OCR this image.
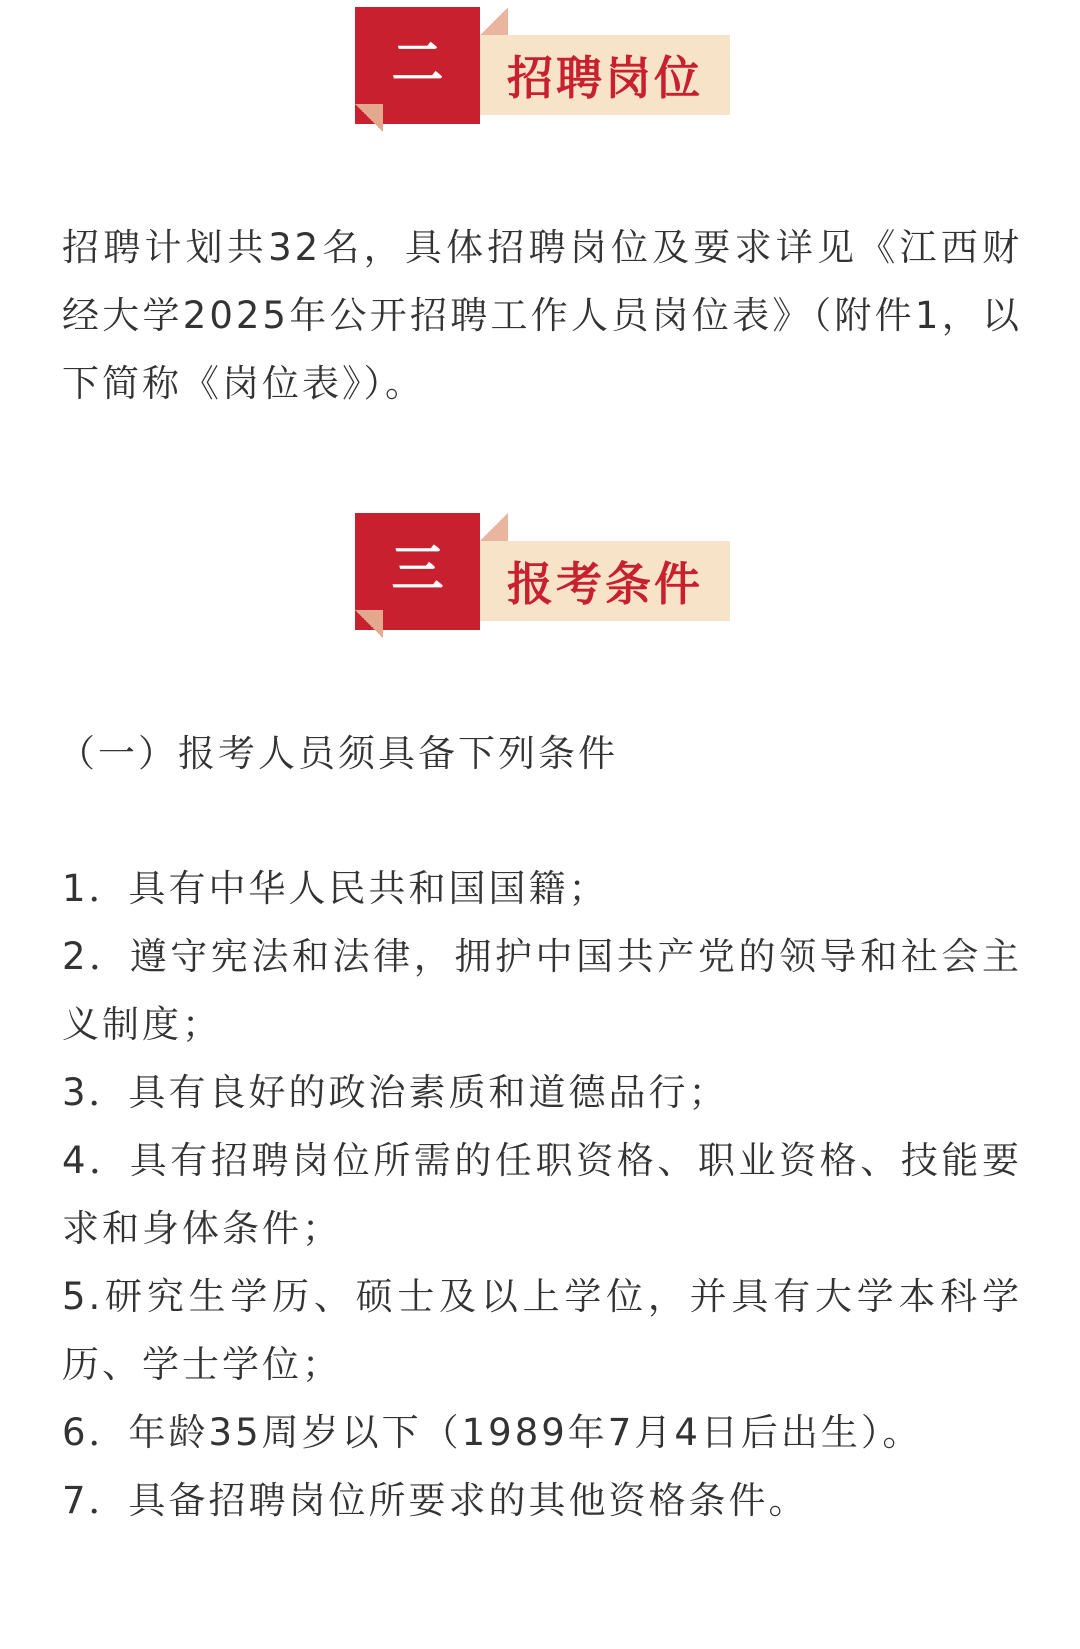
二	招聘岗位

招聘计划共32名，具体招聘岗位及要求详见《江西财经大学2025年公开招聘工作人员岗位表》（附件1，以下简称《岗位表》）。

三	报考条件

（一）报考人员须具备下列条件

1．具有中华人民共和国国籍；
2．遵守宪法和法律，拥护中国共产党的领导和社会主义制度；
3．具有良好的政治素质和道德品行；
4．具有招聘岗位所需的任职资格、职业资格、技能要求和身体条件；
5.研究生学历、硕士及以上学位，并具有大学本科学历、学士学位；
6．年龄35周岁以下（1989年7月4日后出生）。
7．具备招聘岗位所要求的其他资格条件。
